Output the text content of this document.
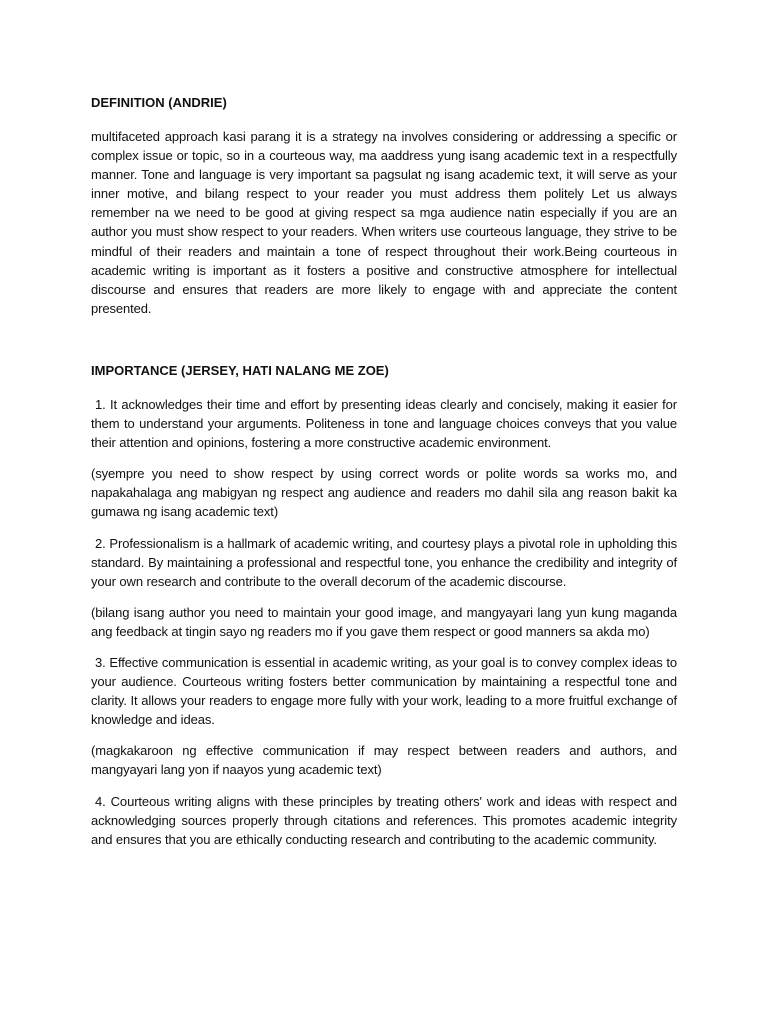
DEFINITION (ANDRIE)

multifaceted approach kasi parang it is a strategy na involves considering or addressing a specific or complex issue or topic, so in a courteous way, ma aaddress yung isang academic text in a respectfully manner. Tone and language is very important sa pagsulat ng isang academic text, it will serve as your inner motive, and bilang respect to your reader you must address them politely Let us always remember na we need to be good at giving respect sa mga audience natin especially if you are an author you must show respect to your readers. When writers use courteous language, they strive to be mindful of their readers and maintain a tone of respect throughout their work.Being courteous in academic writing is important as it fosters a positive and constructive atmosphere for intellectual discourse and ensures that readers are more likely to engage with and appreciate the content presented.

IMPORTANCE (JERSEY, HATI NALANG ME ZOE)

1. It acknowledges their time and effort by presenting ideas clearly and concisely, making it easier for them to understand your arguments. Politeness in tone and language choices conveys that you value their attention and opinions, fostering a more constructive academic environment.

(syempre you need to show respect by using correct words or polite words sa works mo, and napakahalaga ang mabigyan ng respect ang audience and readers mo dahil sila ang reason bakit ka gumawa ng isang academic text)

2. Professionalism is a hallmark of academic writing, and courtesy plays a pivotal role in upholding this standard. By maintaining a professional and respectful tone, you enhance the credibility and integrity of your own research and contribute to the overall decorum of the academic discourse.

(bilang isang author you need to maintain your good image, and mangyayari lang yun kung maganda ang feedback at tingin sayo ng readers mo if you gave them respect or good manners sa akda mo)

3. Effective communication is essential in academic writing, as your goal is to convey complex ideas to your audience. Courteous writing fosters better communication by maintaining a respectful tone and clarity. It allows your readers to engage more fully with your work, leading to a more fruitful exchange of knowledge and ideas.

(magkakaroon ng effective communication if may respect between readers and authors, and mangyayari lang yon if naayos yung academic text)

4. Courteous writing aligns with these principles by treating others' work and ideas with respect and acknowledging sources properly through citations and references. This promotes academic integrity and ensures that you are ethically conducting research and contributing to the academic community.
